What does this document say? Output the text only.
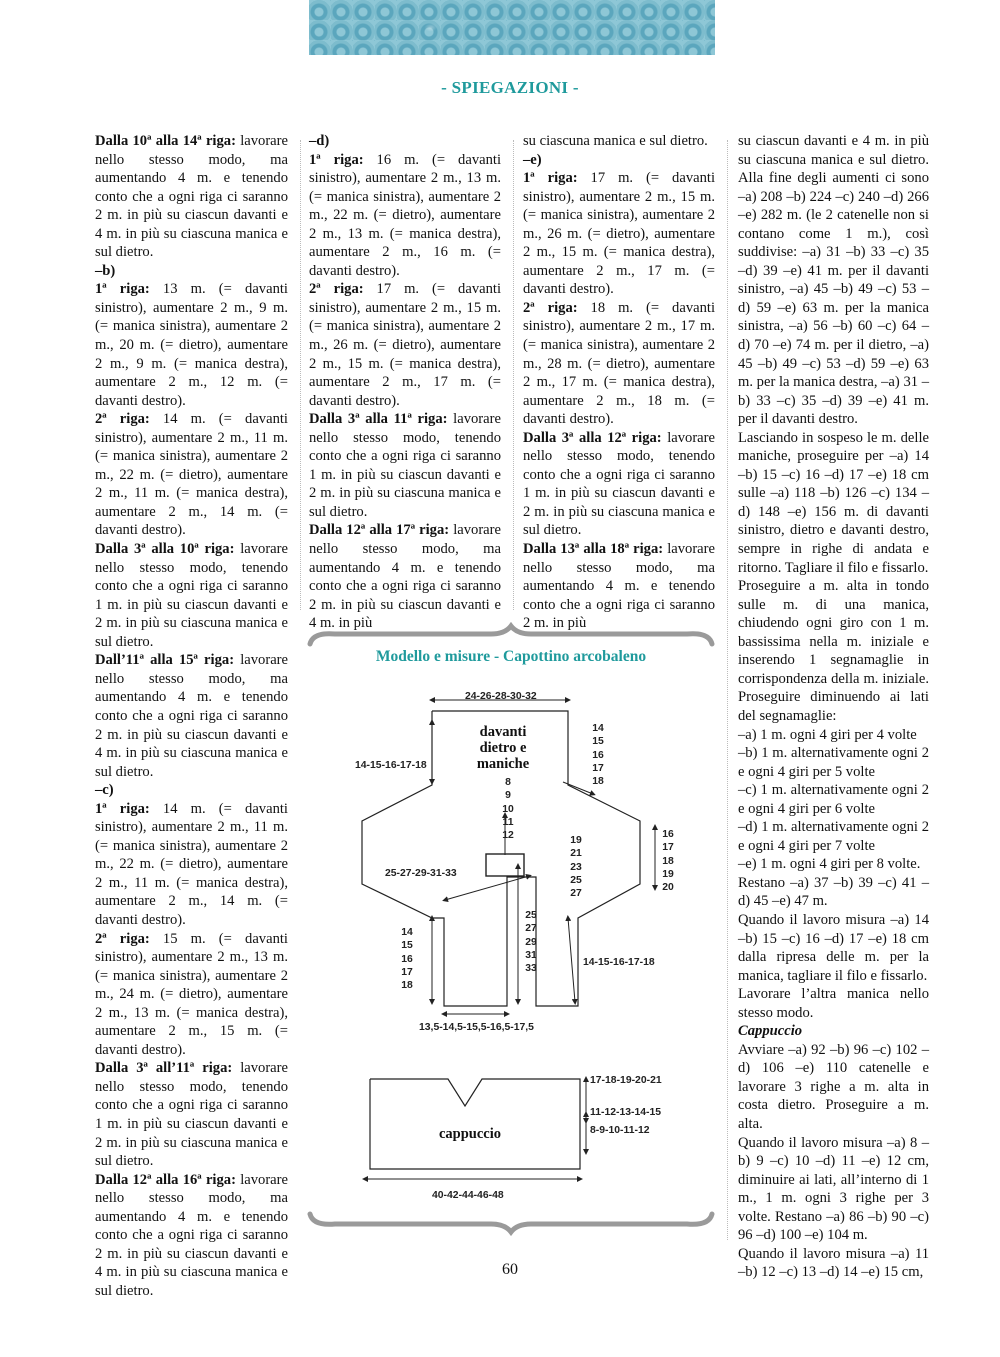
- SPIEGAZIONI -

Dalla 10ª alla 14ª riga: lavorare nello stesso modo, ma aumentando 4 m. e tenendo conto che a ogni riga ci saranno 2 m. in più su ciascun davanti e 4 m. in più su ciascuna manica e sul dietro.

–b)

1ª riga: 13 m. (= davanti sinistro), aumentare 2 m., 9 m. (= manica sinistra), aumentare 2 m., 20 m. (= dietro), aumentare 2 m., 9 m. (= manica destra), aumentare 2 m., 12 m. (= davanti destro).

2ª riga: 14 m. (= davanti sinistro), aumentare 2 m., 11 m. (= manica sinistra), aumentare 2 m., 22 m. (= dietro), aumentare 2 m., 11 m. (= manica destra), aumentare 2 m., 14 m. (= davanti destro).

Dalla 3ª alla 10ª riga: lavorare nello stesso modo, tenendo conto che a ogni riga ci saranno 1 m. in più su ciascun davanti e 2 m. in più su ciascuna manica e sul dietro.

Dall’11ª alla 15ª riga: lavorare nello stesso modo, ma aumentando 4 m. e tenendo conto che a ogni riga ci saranno 2 m. in più su ciascun davanti e 4 m. in più su ciascuna manica e sul dietro.

–c)

1ª riga: 14 m. (= davanti sinistro), aumentare 2 m., 11 m. (= manica sinistra), aumentare 2 m., 22 m. (= dietro), aumentare 2 m., 11 m. (= manica destra), aumentare 2 m., 14 m. (= davanti destro).

2ª riga: 15 m. (= davanti sinistro), aumentare 2 m., 13 m. (= manica sinistra), aumentare 2 m., 24 m. (= dietro), aumentare 2 m., 13 m. (= manica destra), aumentare 2 m., 15 m. (= davanti destro).

Dalla 3ª all’11ª riga: lavorare nello stesso modo, tenendo conto che a ogni riga ci saranno 1 m. in più su ciascun davanti e 2 m. in più su ciascuna manica e sul dietro.

Dalla 12ª alla 16ª riga: lavorare nello stesso modo, ma aumentando 4 m. e tenendo conto che a ogni riga ci saranno 2 m. in più su ciascun davanti e 4 m. in più su ciascuna manica e sul dietro.

–d)

1ª riga: 16 m. (= davanti sinistro), aumentare 2 m., 13 m. (= manica sinistra), aumentare 2 m., 22 m. (= dietro), aumentare 2 m., 13 m. (= manica destra), aumentare 2 m., 16 m. (= davanti destro).

2ª riga: 17 m. (= davanti sinistro), aumentare 2 m., 15 m. (= manica sinistra), aumentare 2 m., 26 m. (= dietro), aumentare 2 m., 15 m. (= manica destra), aumentare 2 m., 17 m. (= davanti destro).

Dalla 3ª alla 11ª riga: lavorare nello stesso modo, tenendo conto che a ogni riga ci saranno 1 m. in più su ciascun davanti e 2 m. in più su ciascuna manica e sul dietro.

Dalla 12ª alla 17ª riga: lavorare nello stesso modo, ma aumentando 4 m. e tenendo conto che a ogni riga ci saranno 2 m. in più su ciascun davanti e 4 m. in più

su ciascuna manica e sul dietro.

–e)

1ª riga: 17 m. (= davanti sinistro), aumentare 2 m., 15 m. (= manica sinistra), aumentare 2 m., 26 m. (= dietro), aumentare 2 m., 15 m. (= manica destra), aumentare 2 m., 17 m. (= davanti destro).

2ª riga: 18 m. (= davanti sinistro), aumentare 2 m., 17 m. (= manica sinistra), aumentare 2 m., 28 m. (= dietro), aumentare 2 m., 17 m. (= manica destra), aumentare 2 m., 18 m. (= davanti destro).

Dalla 3ª alla 12ª riga: lavorare nello stesso modo, tenendo conto che a ogni riga ci saranno 1 m. in più su ciascun davanti e 2 m. in più su ciascuna manica e sul dietro.

Dalla 13ª alla 18ª riga: lavorare nello stesso modo, ma aumentando 4 m. e tenendo conto che a ogni riga ci saranno 2 m. in più

su ciascun davanti e 4 m. in più su ciascuna manica e sul dietro. Alla fine degli aumenti ci sono –a) 208 –b) 224 –c) 240 –d) 266 –e) 282 m. (le 2 catenelle non si contano come 1 m.), così suddivise: –a) 31 –b) 33 –c) 35 –d) 39 –e) 41 m. per il davanti sinistro, –a) 45 –b) 49 –c) 53 –d) 59 –e) 63 m. per la manica sinistra, –a) 56 –b) 60 –c) 64 –d) 70 –e) 74 m. per il dietro, –a) 45 –b) 49 –c) 53 –d) 59 –e) 63 m. per la manica destra, –a) 31 –b) 33 –c) 35 –d) 39 –e) 41 m. per il davanti destro.

Lasciando in sospeso le m. delle maniche, proseguire per –a) 14 –b) 15 –c) 16 –d) 17 –e) 18 cm sulle –a) 118 –b) 126 –c) 134 –d) 148 –e) 156 m. di davanti sinistro, dietro e davanti destro, sempre in righe di andata e ritorno. Tagliare il filo e fissarlo.

Proseguire a m. alta in tondo sulle m. di una manica, chiudendo ogni giro con 1 m. bassissima nella m. iniziale e inserendo 1 segnamaglie in corrispondenza della m. iniziale. Proseguire diminuendo ai lati del segnamaglie:

–a) 1 m. ogni 4 giri per 4 volte

–b) 1 m. alternativamente ogni 2 e ogni 4 giri per 5 volte

–c) 1 m. alternativamente ogni 2 e ogni 4 giri per 6 volte

–d) 1 m. alternativamente ogni 2 e ogni 4 giri per 7 volte

–e) 1 m. ogni 4 giri per 8 volte.

Restano –a) 37 –b) 39 –c) 41 –d) 45 –e) 47 m.

Quando il lavoro misura –a) 14 –b) 15 –c) 16 –d) 17 –e) 18 cm dalla ripresa delle m. per la manica, tagliare il filo e fissarlo.

Lavorare l’altra manica nello stesso modo.

Cappuccio

Avviare –a) 92 –b) 96 –c) 102 –d) 106 –e) 110 catenelle e lavorare 3 righe a m. alta in costa dietro. Proseguire a m. alta.

Quando il lavoro misura –a) 8 –b) 9 –c) 10 –d) 11 –e) 12 cm, diminuire ai lati, all’interno di 1 m., 1 m. ogni 3 righe per 3 volte. Restano –a) 86 –b) 90 –c) 96 –d) 100 –e) 104 m.

Quando il lavoro misura –a) 11 –b) 12 –c) 13 –d) 14 –e) 15 cm,

Modello e misure - Capottino arcobaleno
24-26-28-30-32
davanti
dietro e
maniche
14-15-16-17-18
14
15
16
17
18
8
9
10
11
12	19
21
23
25
27
16
17
18
19
20
25-27-29-31-33
25
27
29
31
33
14
15
16
17
18
14-15-16-17-18
13,5-14,5-15,5-16,5-17,5
cappuccio
17-18-19-20-21
11-12-13-14-15
8-9-10-11-12
40-42-44-46-48
60
